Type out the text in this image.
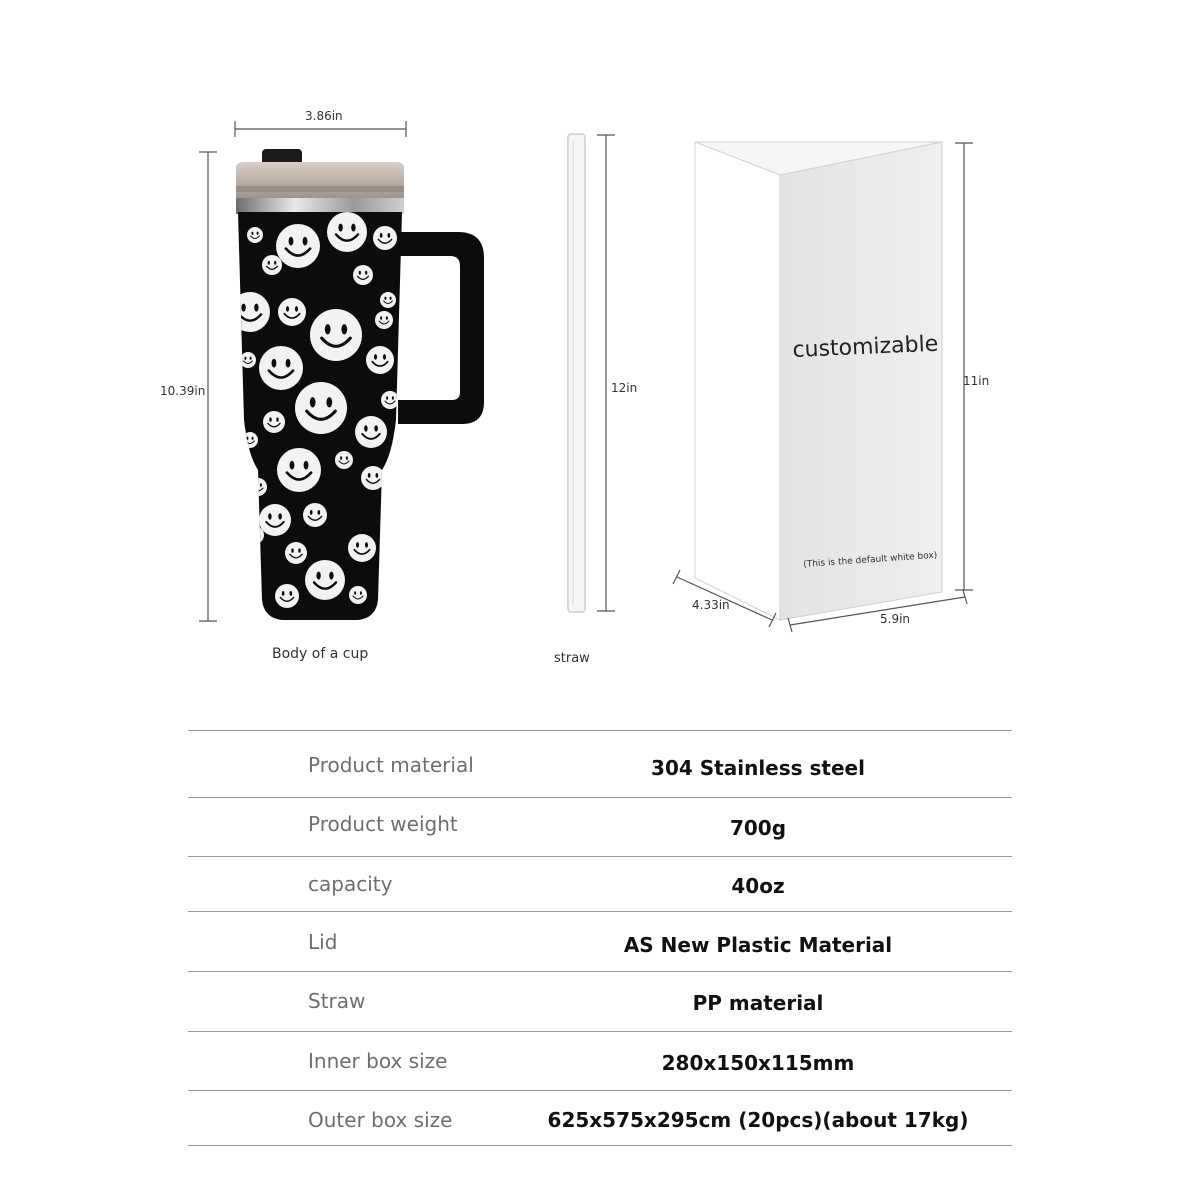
3.86in
10.39in
Body of a cup
12in
straw
customizable
(This is the default white box)
11in
4.33in
5.9in
Product material	304 Stainless steel
Product weight	700g
capacity	40oz
Lid	AS New Plastic Material
Straw	PP material
Inner box size	280x150x115mm
Outer box size	625x575x295cm (20pcs)(about 17kg)
